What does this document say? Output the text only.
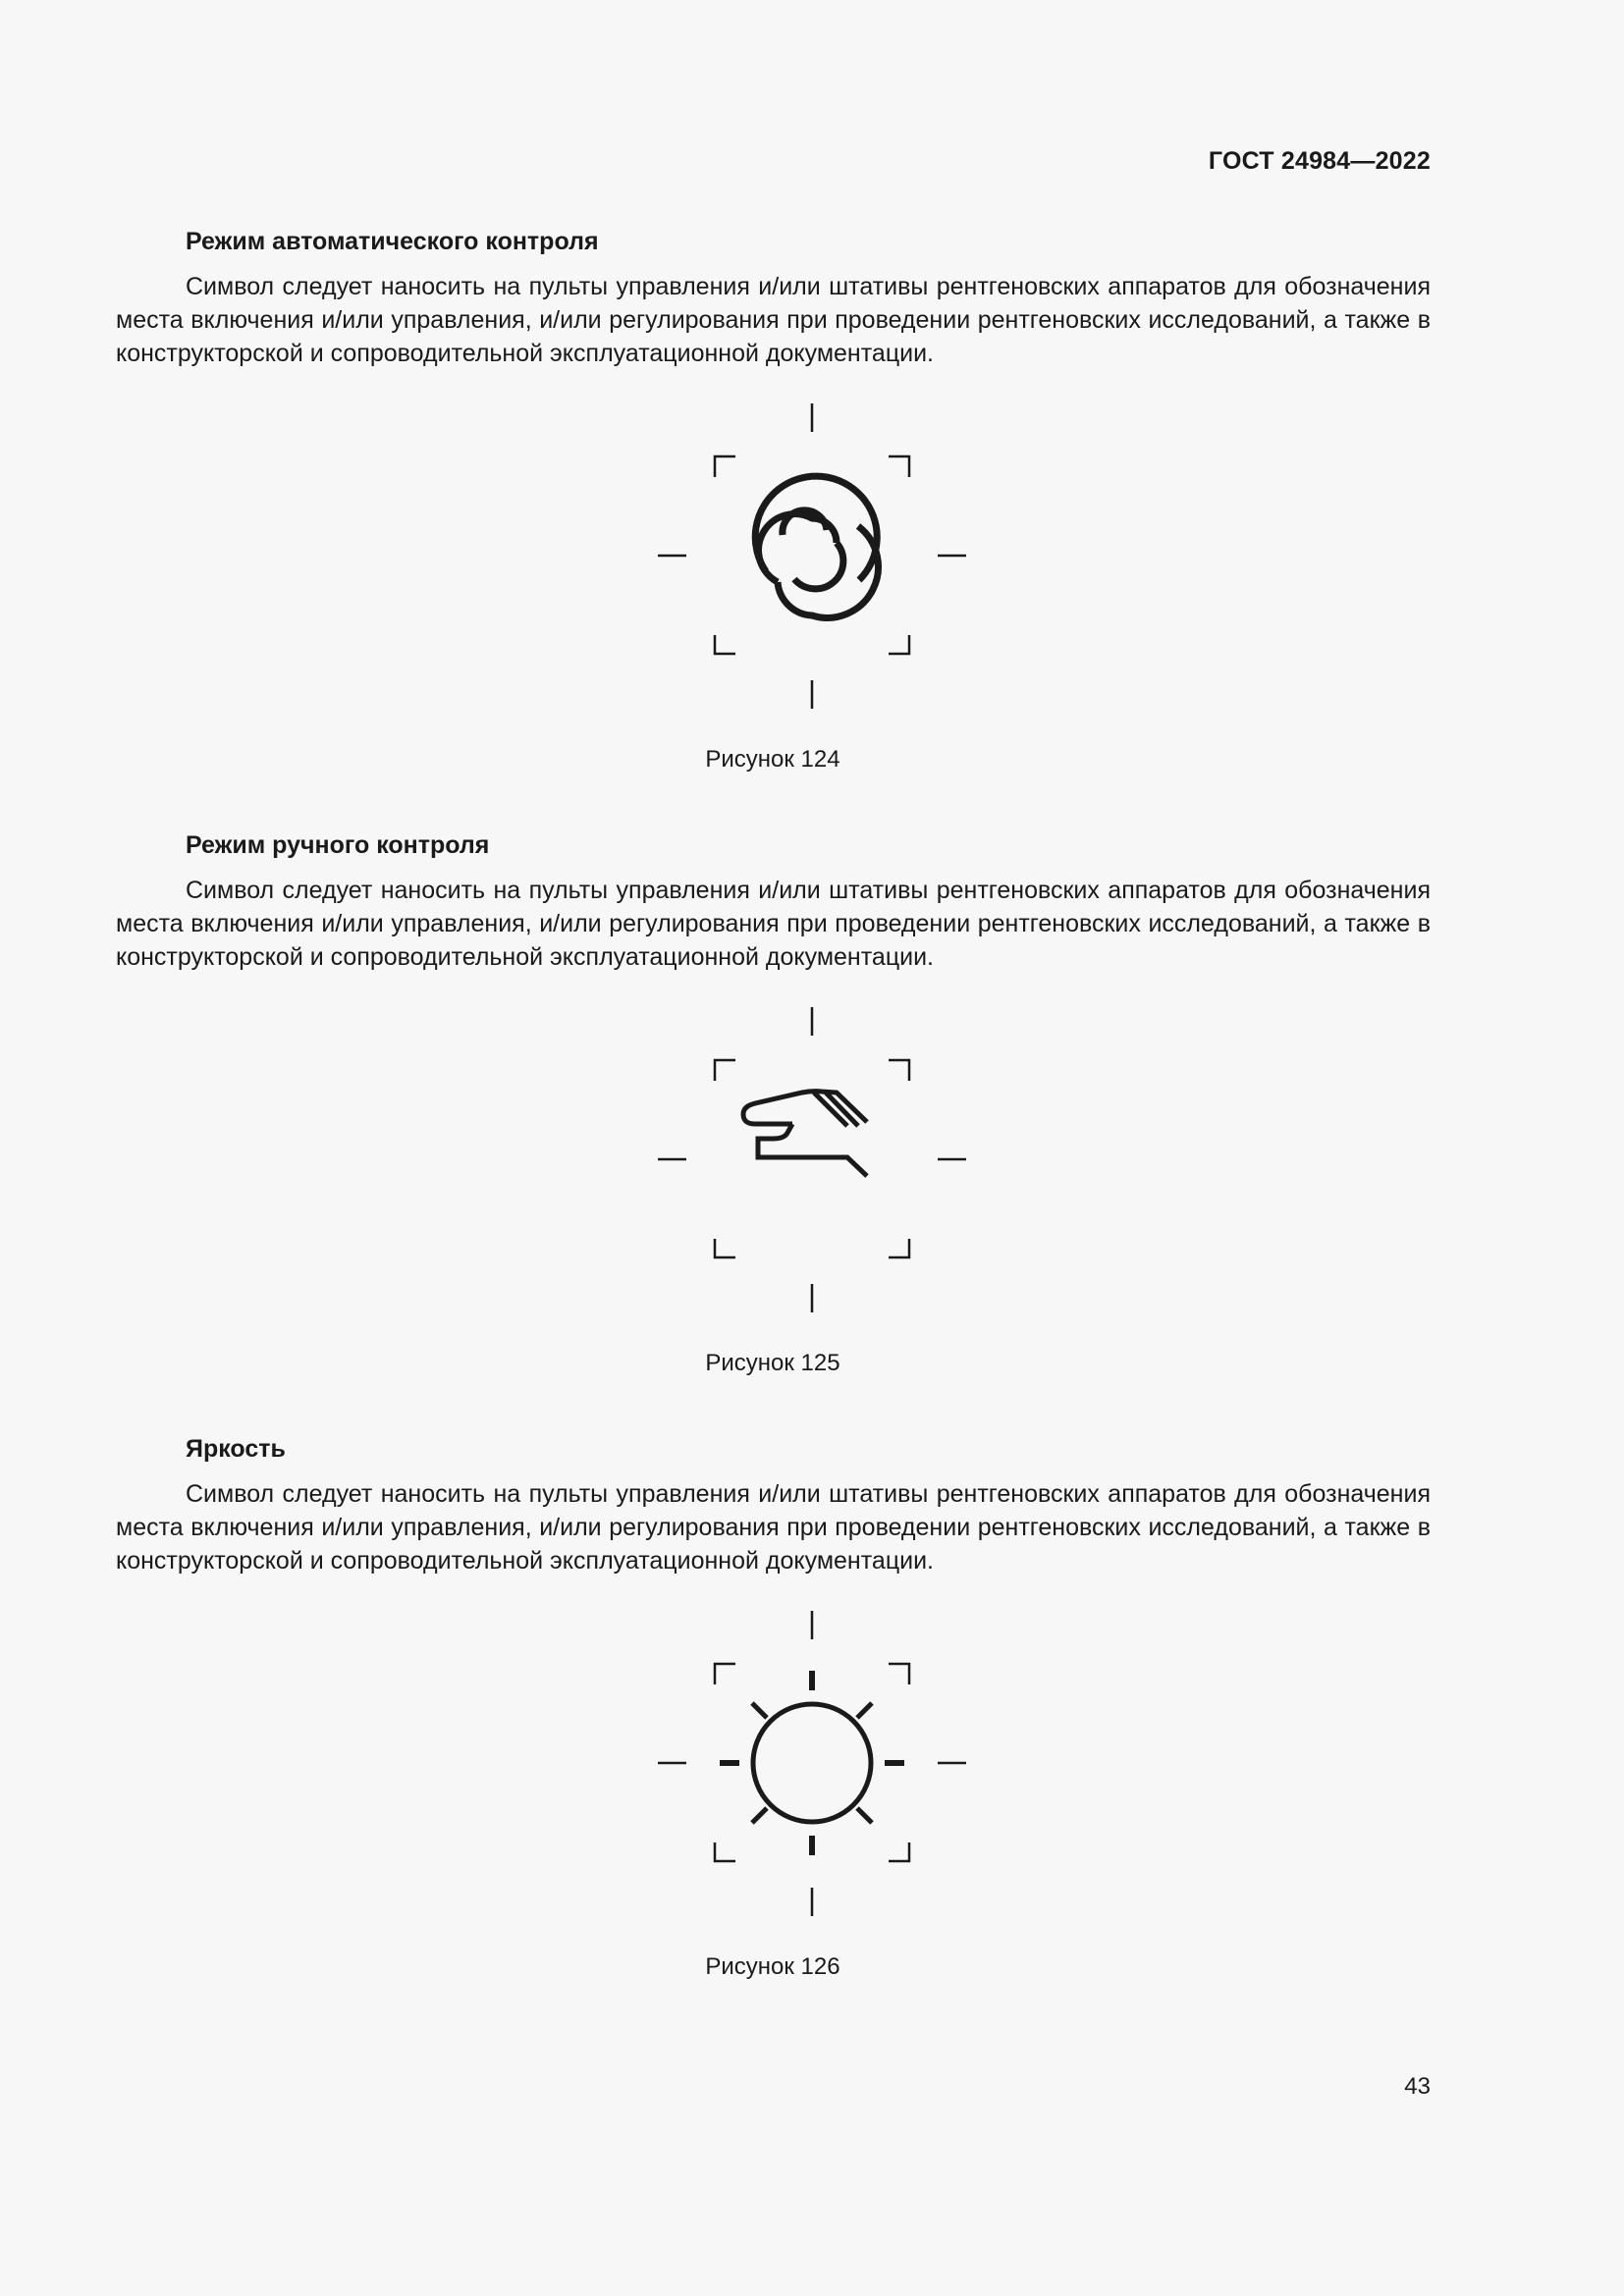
ГОСТ 24984—2022

Режим автоматического контроля

Символ следует наносить на пульты управления и/или штативы рентгеновских аппаратов для обозначения места включения и/или управления, и/или регулирования при проведении рентгеновских исследований, а также в конструкторской и сопроводительной эксплуатационной документации.

Рисунок 124

Режим ручного контроля

Символ следует наносить на пульты управления и/или штативы рентгеновских аппаратов для обозначения места включения и/или управления, и/или регулирования при проведении рентгеновских исследований, а также в конструкторской и сопроводительной эксплуатационной документации.

Рисунок 125

Яркость

Символ следует наносить на пульты управления и/или штативы рентгеновских аппаратов для обозначения места включения и/или управления, и/или регулирования при проведении рентгеновских исследований, а также в конструкторской и сопроводительной эксплуатационной документации.

Рисунок 126
43
